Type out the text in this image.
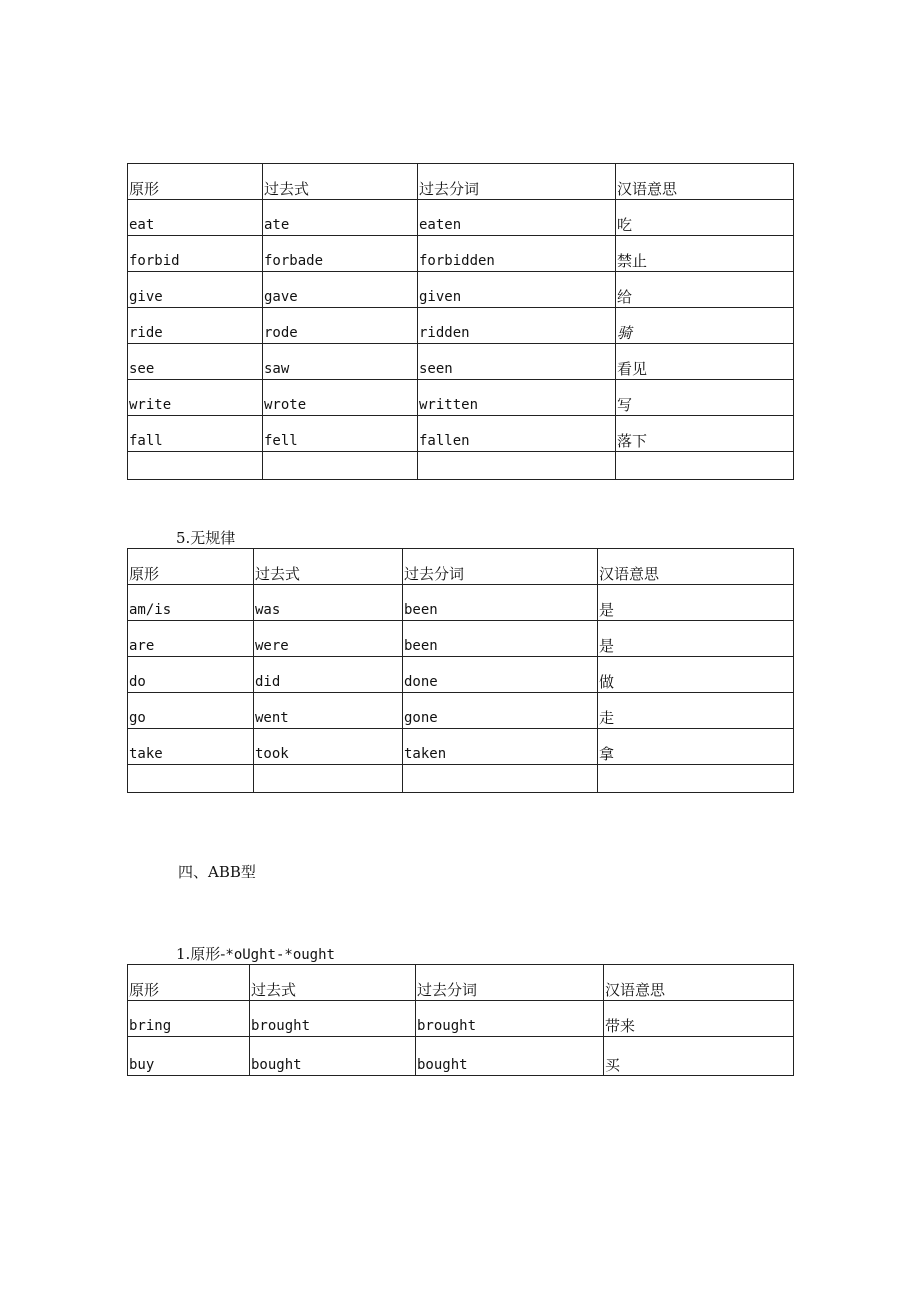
原形	过去式	过去分词	汉语意思
eat	ate	eaten	吃
forbid	forbade	forbidden	禁止
give	gave	given	给
ride	rode	ridden	骑
see	saw	seen	看见
write	wrote	written	写
fall	fell	fallen	落下

5.无规律
原形	过去式	过去分词	汉语意思
am/is	was	been	是
are	were	been	是
do	did	done	做
go	went	gone	走
take	took	taken	拿

四、ABB型
1.原形-*oUght-*ought
原形	过去式	过去分词	汉语意思
bring	brought	brought	带来
buy	bought	bought	买
